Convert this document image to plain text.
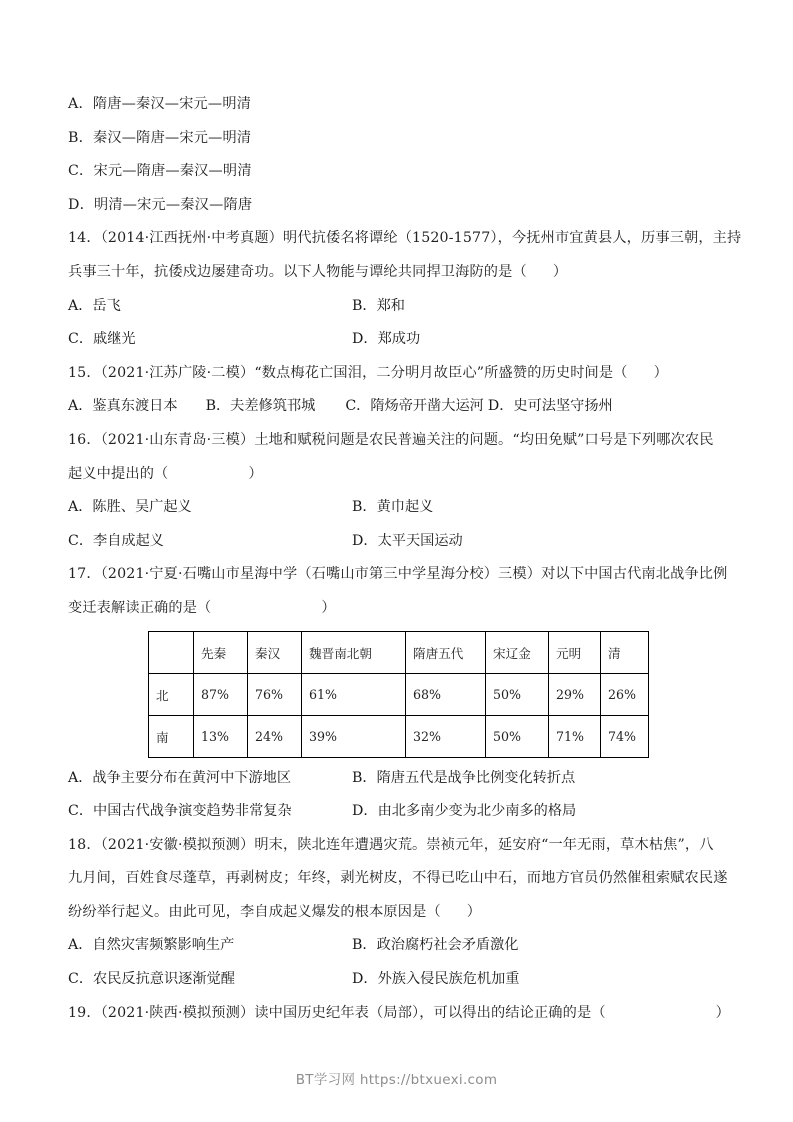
A．隋唐—秦汉—宋元—明清
B．秦汉—隋唐—宋元—明清
C．宋元—隋唐—秦汉—明清
D．明清—宋元—秦汉—隋唐
14．（2014·江西抚州·中考真题）明代抗倭名将谭纶（1520-1577），今抚州市宜黄县人，历事三朝，主持
兵事三十年，抗倭戍边屡建奇功。以下人物能与谭纶共同捍卫海防的是（ ）
A．岳飞	B．郑和
C．戚继光	D．郑成功
15．（2021·江苏广陵·二模）“数点梅花亡国泪，二分明月故臣心”所盛赞的历史时间是（ ）
A．鉴真东渡日本 B．夫差修筑邗城 C．隋炀帝开凿大运河 D．史可法坚守扬州
16．（2021·山东青岛·三模）土地和赋税问题是农民普遍关注的问题。“均田免赋”口号是下列哪次农民
起义中提出的（	）
A．陈胜、吴广起义	B．黄巾起义
C．李自成起义	D．太平天国运动
17．（2021·宁夏·石嘴山市星海中学（石嘴山市第三中学星海分校）三模）对以下中国古代南北战争比例
变迁表解读正确的是（	）
	先秦	秦汉	魏晋南北朝	隋唐五代	宋辽金	元明	清
北	87%	76%	61%	68%	50%	29%	26%
南	13%	24%	39%	32%	50%	71%	74%
A．战争主要分布在黄河中下游地区	B．隋唐五代是战争比例变化转折点
C．中国古代战争演变趋势非常复杂	D．由北多南少变为北少南多的格局
18．（2021·安徽·模拟预测）明末，陕北连年遭遇灾荒。崇祯元年，延安府“一年无雨，草木枯焦”，八
九月间，百姓食尽蓬草，再剥树皮；年终，剥光树皮，不得已吃山中石，而地方官员仍然催租索赋农民遂
纷纷举行起义。由此可见，李自成起义爆发的根本原因是（ ）
A．自然灾害频繁影响生产	B．政治腐朽社会矛盾激化
C．农民反抗意识逐渐觉醒	D．外族入侵民族危机加重
19．（2021·陕西·模拟预测）读中国历史纪年表（局部），可以得出的结论正确的是（	）
BT学习网 https://btxuexi.com
